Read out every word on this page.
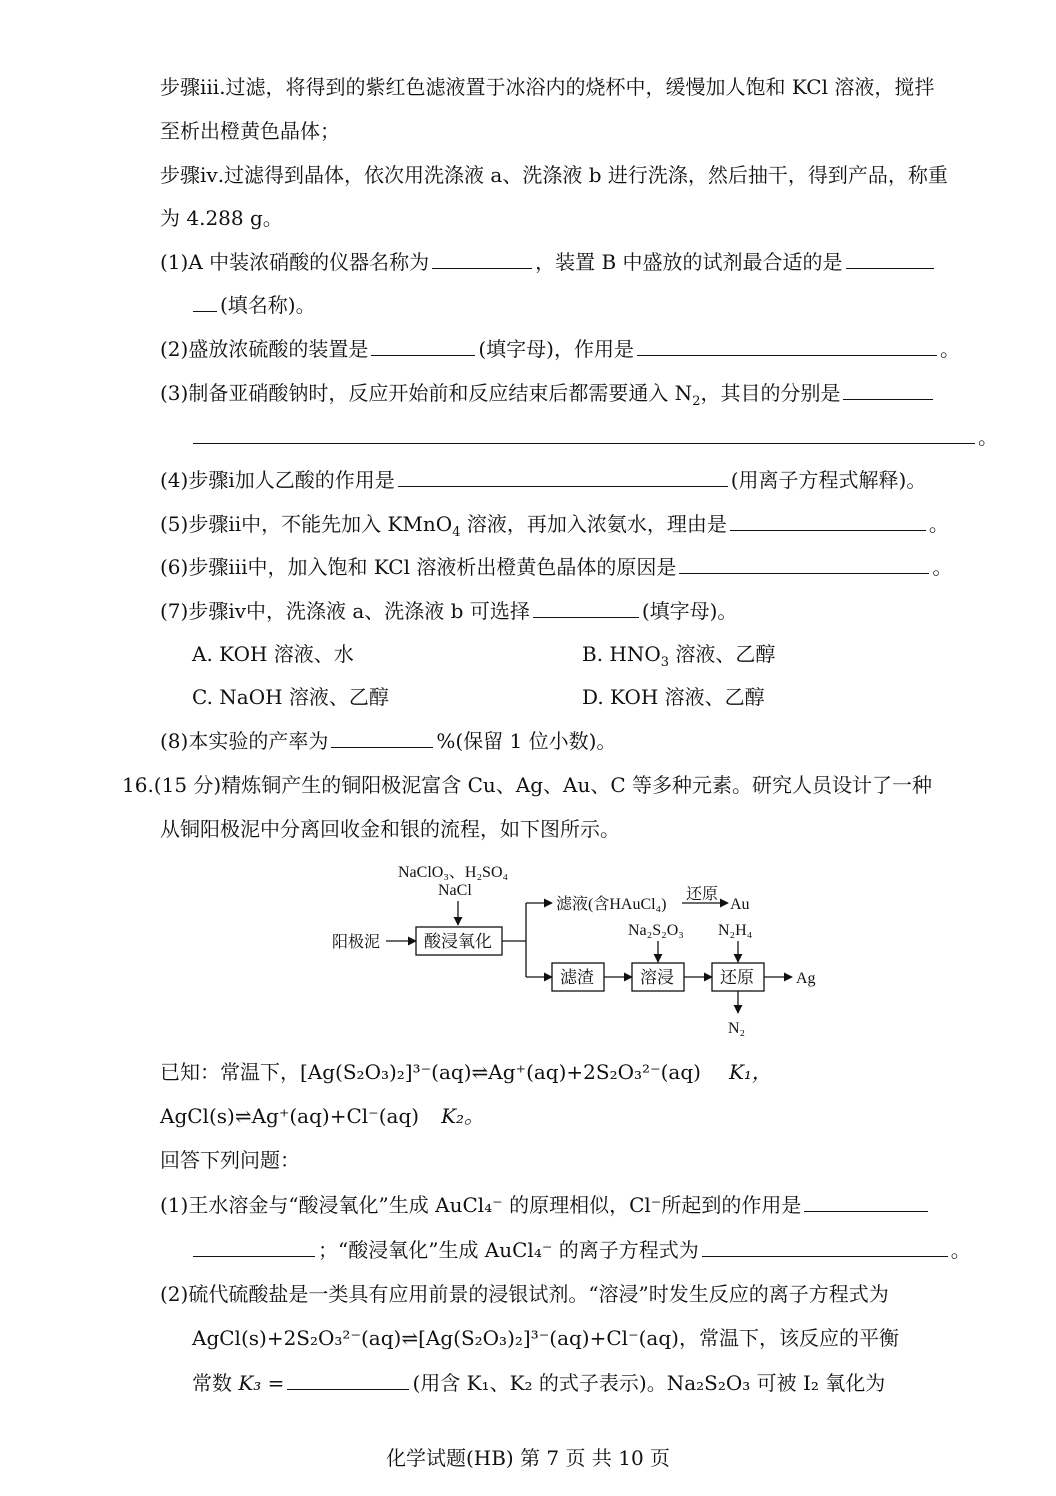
步骤ⅲ.过滤，将得到的紫红色滤液置于冰浴内的烧杯中，缓慢加人饱和 KCl 溶液，搅拌
至析出橙黄色晶体；
步骤ⅳ.过滤得到晶体，依次用洗涤液 a、洗涤液 b 进行洗涤，然后抽干，得到产品，称重
为 4.288 g。
(1)A 中装浓硝酸的仪器名称为	，装置 B 中盛放的试剂最合适的是
(填名称)。
(2)盛放浓硫酸的装置是	(填字母)，作用是	。
(3)制备亚硝酸钠时，反应开始前和反应结束后都需要通入 $N_2$，其目的分别是
。
(4)步骤ⅰ加人乙酸的作用是	(用离子方程式解释)。
(5)步骤ⅱ中，不能先加入 KMnO$_4$ 溶液，再加入浓氨水，理由是	。
(6)步骤ⅲ中，加入饱和 KCl 溶液析出橙黄色晶体的原因是	。
(7)步骤ⅳ中，洗涤液 a、洗涤液 b 可选择	(填字母)。
A. KOH 溶液、水	B. $HNO_3$ 溶液、乙醇
C. NaOH 溶液、乙醇	D. KOH 溶液、乙醇
(8)本实验的产率为	%(保留 1 位小数)。
16.(15 分)精炼铜产生的铜阳极泥富含 Cu、Ag、Au、C 等多种元素。研究人员设计了一种
从铜阳极泥中分离回收金和银的流程，如下图所示。
NaClO₃、H₂SO₄
NaCl
阳极泥	酸浸氧化
滤液(含HAuCl₄)
还原
Au
滤渣
Na₂S₂O₃
溶浸
N₂H₄
还原	Ag
N₂
已知：常温下，[Ag(S₂O₃)₂]³⁻(aq)⇌Ag⁺(aq)+2S₂O₃²⁻(aq) K₁，
AgCl(s)⇌Ag⁺(aq)+Cl⁻(aq) K₂。
回答下列问题：
(1)王水溶金与“酸浸氧化”生成 AuCl₄⁻ 的原理相似，Cl⁻所起到的作用是
；“酸浸氧化”生成 AuCl₄⁻ 的离子方程式为	。
(2)硫代硫酸盐是一类具有应用前景的浸银试剂。“溶浸”时发生反应的离子方程式为
AgCl(s)+2S₂O₃²⁻(aq)⇌[Ag(S₂O₃)₂]³⁻(aq)+Cl⁻(aq)，常温下，该反应的平衡
常数 K₃ =	(用含 K₁、K₂ 的式子表示)。Na₂S₂O₃ 可被 I₂ 氧化为
化学试题(HB) 第 7 页 共 10 页
